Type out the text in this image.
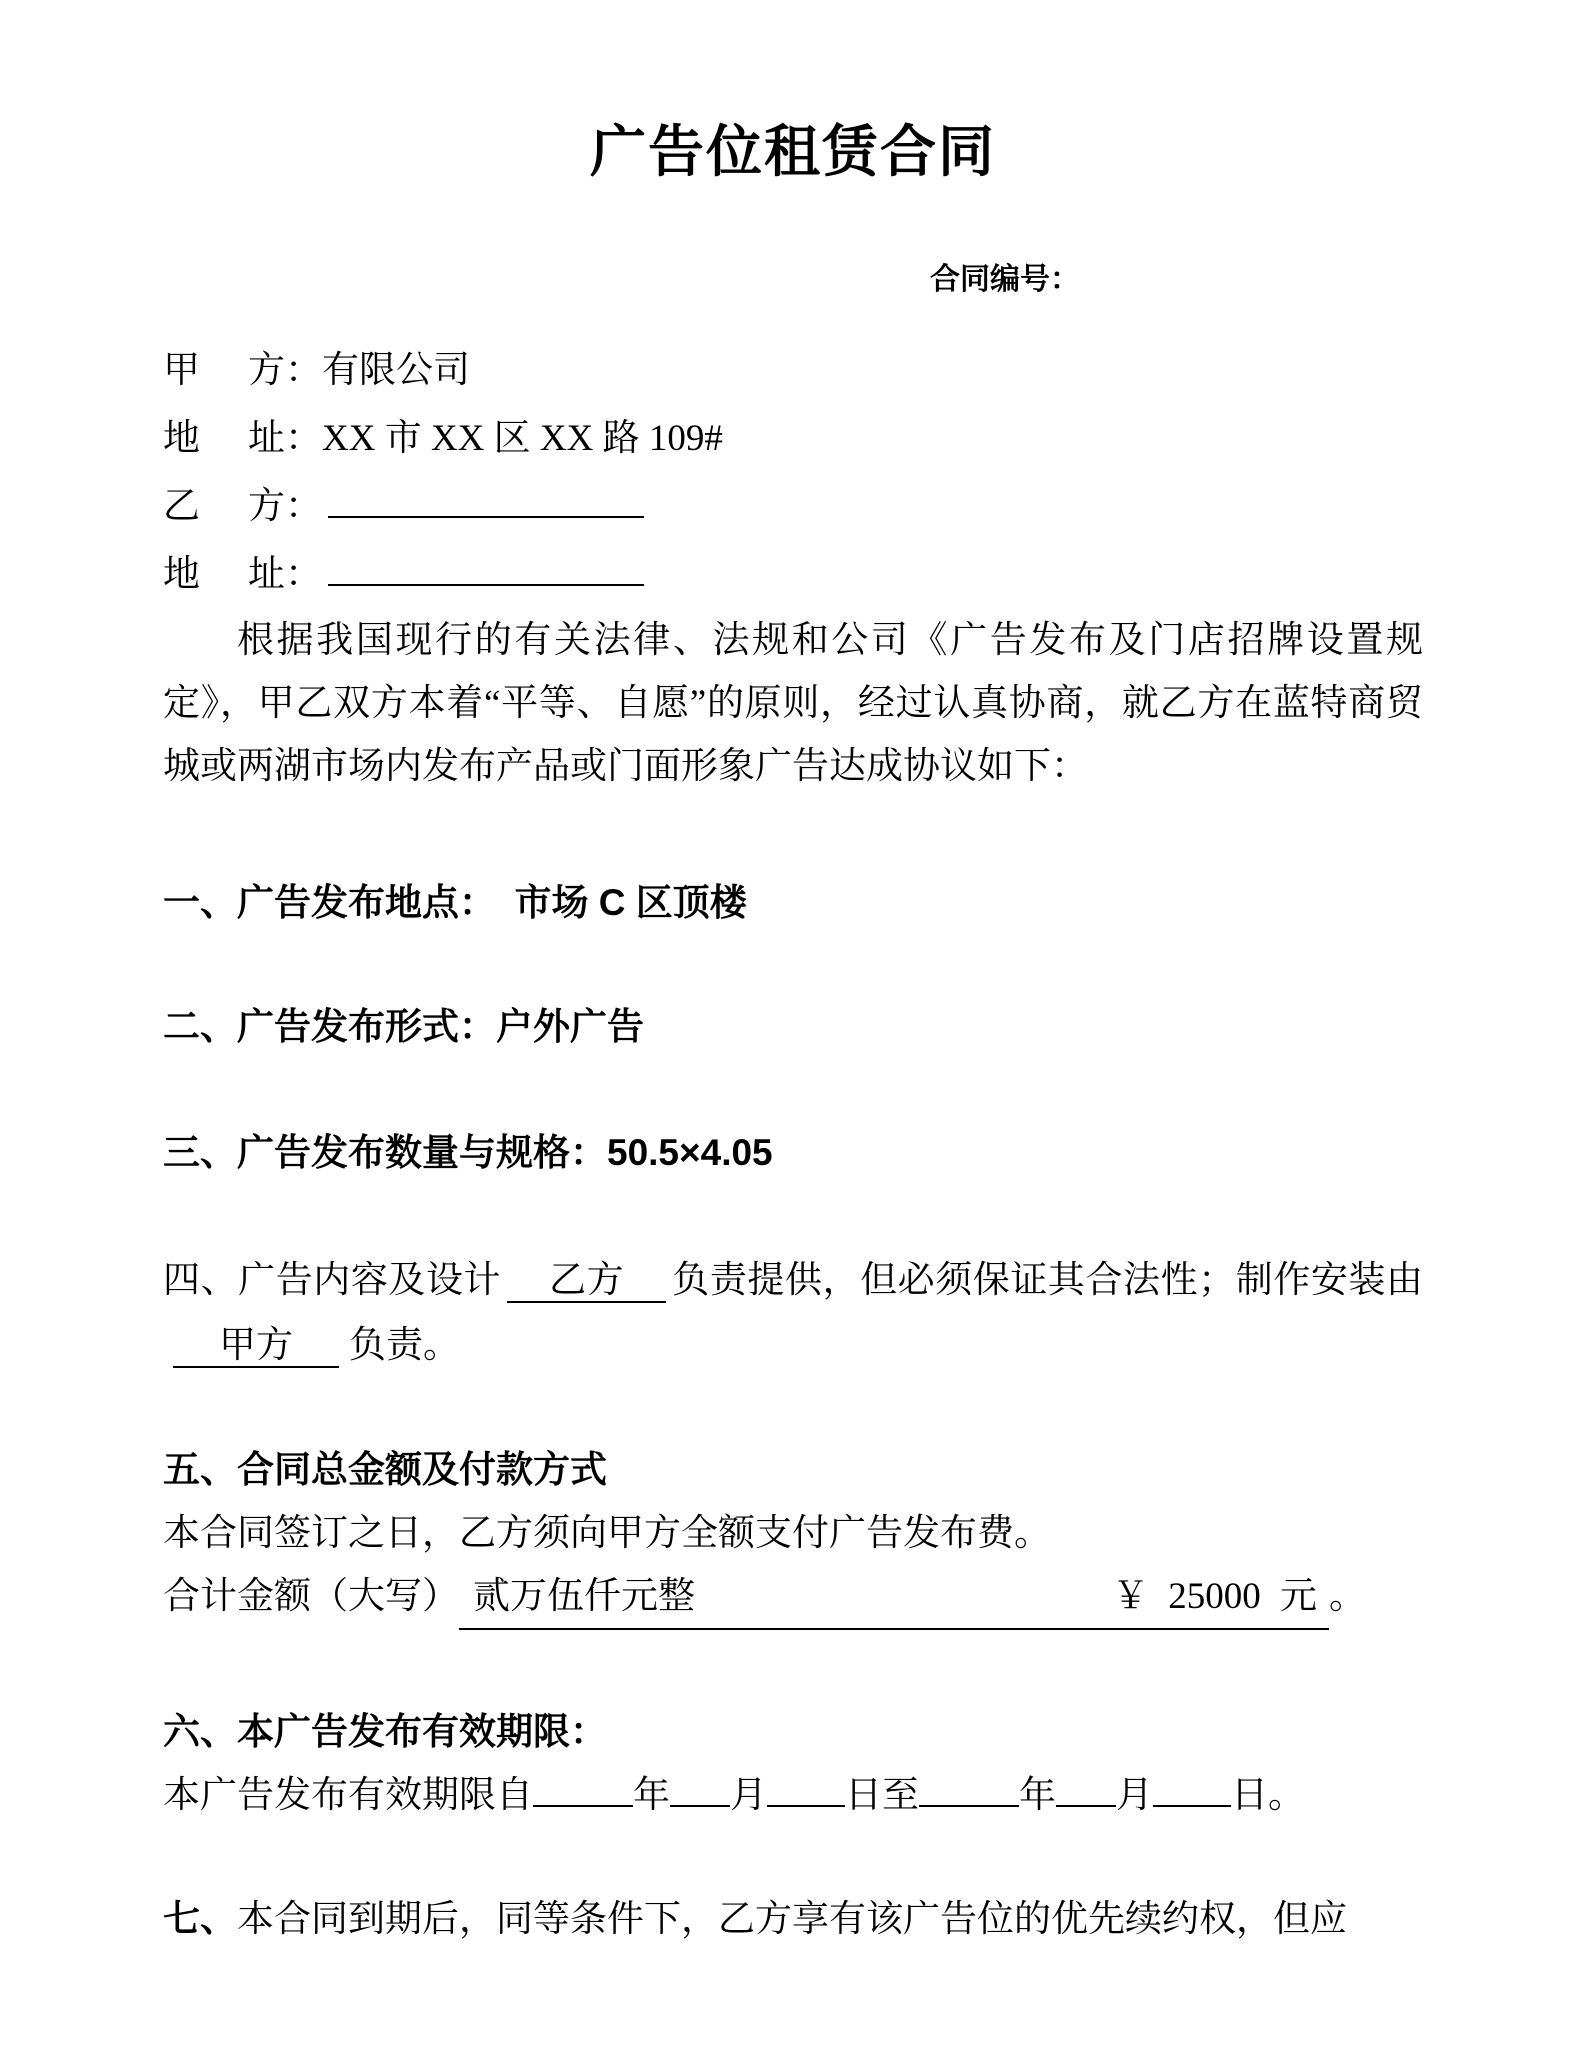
广告位租赁合同
合同编号：
甲 方：有限公司
地 址：XX 市 XX 区 XX 路 109#
乙 方：
地 址：

根据我国现行的有关法律、法规和公司《广告发布及门店招牌设置规定》，甲乙双方本着“平等、自愿”的原则，经过认真协商，就乙方在蓝特商贸城或两湖市场内发布产品或门面形象广告达成协议如下：

一、广告发布地点：　市场 C 区顶楼
二、广告发布形式：户外广告
三、广告发布数量与规格：50.5×4.05

四、广告内容及设计 乙方 负责提供，但必须保证其合法性；制作安装由甲方 负责。

五、合同总金额及付款方式
本合同签订之日，乙方须向甲方全额支付广告发布费。
合计金额（大写） 贰万伍仟元整	￥ 25000 元 。
六、本广告发布有效期限：
本广告发布有效期限自	年 月 日至	年 月 日。

七、本合同到期后，同等条件下，乙方享有该广告位的优先续约权，但应
